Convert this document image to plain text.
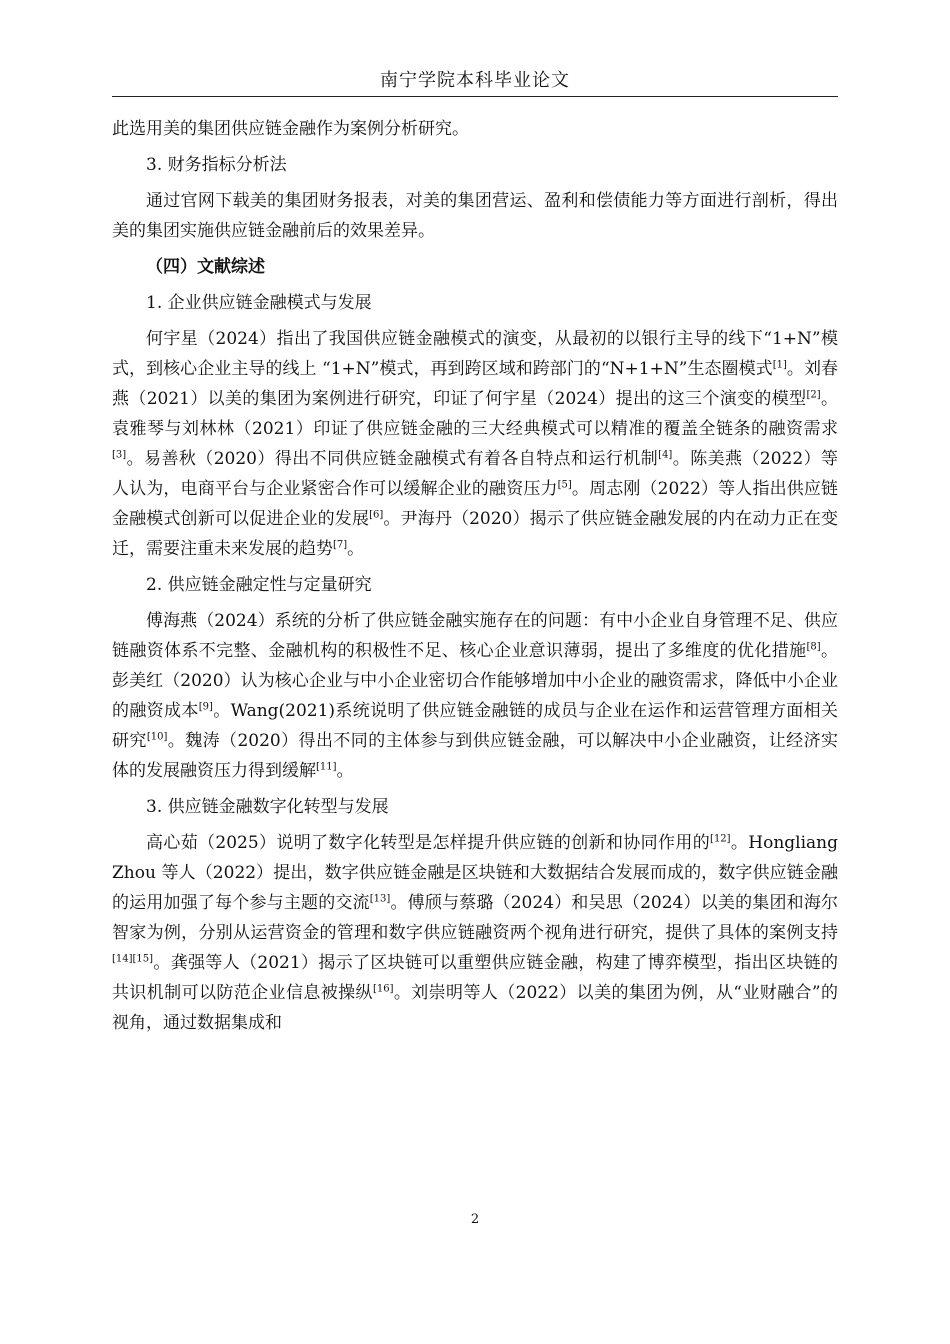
南宁学院本科毕业论文

此选用美的集团供应链金融作为案例分析研究。

3. 财务指标分析法

通过官网下载美的集团财务报表，对美的集团营运、盈利和偿债能力等方面进行剖析，得出美的集团实施供应链金融前后的效果差异。

（四）文献综述

1. 企业供应链金融模式与发展

何宇星（2024）指出了我国供应链金融模式的演变，从最初的以银行主导的线下“1+N”模式，到核心企业主导的线上 “1+N”模式，再到跨区域和跨部门的“N+1+N”生态圈模式[1]。刘春燕（2021）以美的集团为案例进行研究，印证了何宇星（2024）提出的这三个演变的模型[2]。袁雅琴与刘林林（2021）印证了供应链金融的三大经典模式可以精准的覆盖全链条的融资需求[3]。易善秋（2020）得出不同供应链金融模式有着各自特点和运行机制[4]。陈美燕（2022）等人认为，电商平台与企业紧密合作可以缓解企业的融资压力[5]。周志刚（2022）等人指出供应链金融模式创新可以促进企业的发展[6]。尹海丹（2020）揭示了供应链金融发展的内在动力正在变迁，需要注重未来发展的趋势[7]。

2. 供应链金融定性与定量研究

傅海燕（2024）系统的分析了供应链金融实施存在的问题：有中小企业自身管理不足、供应链融资体系不完整、金融机构的积极性不足、核心企业意识薄弱，提出了多维度的优化措施[8]。彭美红（2020）认为核心企业与中小企业密切合作能够增加中小企业的融资需求，降低中小企业的融资成本[9]。Wang(2021)系统说明了供应链金融链的成员与企业在运作和运营管理方面相关研究[10]。魏涛（2020）得出不同的主体参与到供应链金融，可以解决中小企业融资，让经济实体的发展融资压力得到缓解[11]。

3. 供应链金融数字化转型与发展

高心茹（2025）说明了数字化转型是怎样提升供应链的创新和协同作用的[12]。Hongliang Zhou 等人（2022）提出，数字供应链金融是区块链和大数据结合发展而成的，数字供应链金融的运用加强了每个参与主题的交流[13]。傅颀与蔡璐（2024）和吴思（2024）以美的集团和海尔智家为例，分别从运营资金的管理和数字供应链融资两个视角进行研究，提供了具体的案例支持[14][15]。龚强等人（2021）揭示了区块链可以重塑供应链金融，构建了博弈模型，指出区块链的共识机制可以防范企业信息被操纵[16]。刘崇明等人（2022）以美的集团为例，从“业财融合”的视角，通过数据集成和

2
